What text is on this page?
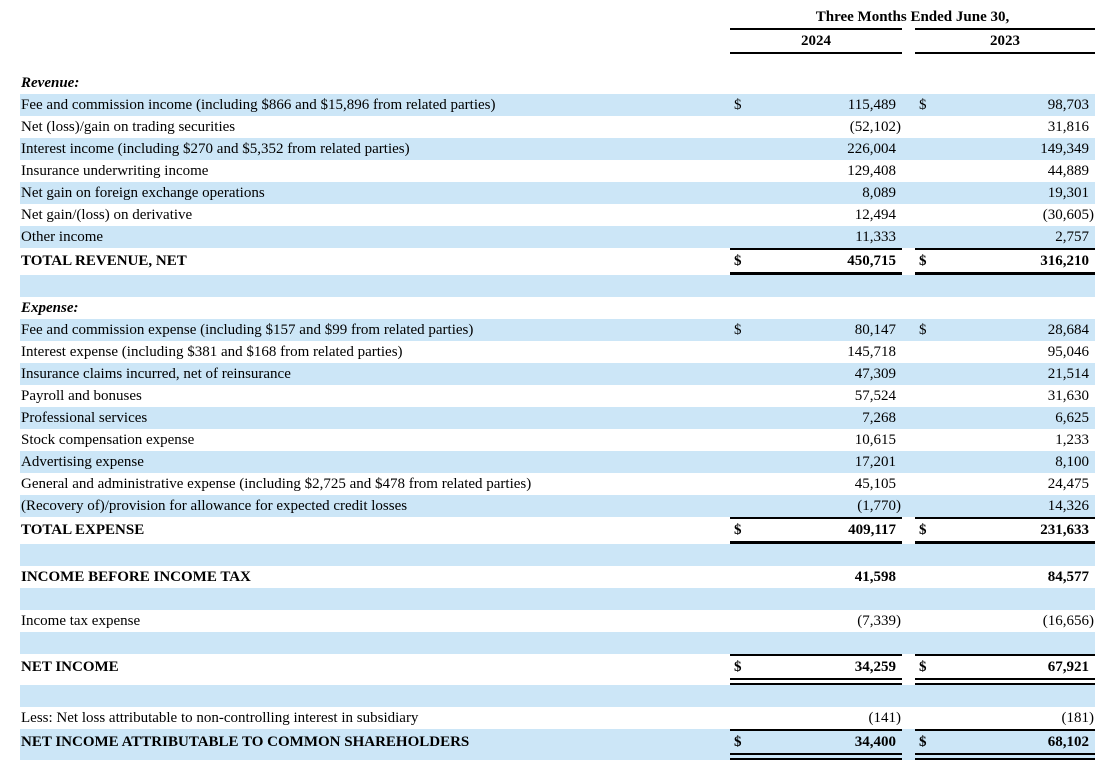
Three Months Ended June 30,
2024	2023
Revenue:
Fee and commission income (including $866 and $15,896 from related parties)	$	115,489	$	98,703
Net (loss)/gain on trading securities	(52,102)	31,816
Interest income (including $270 and $5,352 from related parties)	226,004	149,349
Insurance underwriting income	129,408	44,889
Net gain on foreign exchange operations	8,089	19,301
Net gain/(loss) on derivative	12,494	(30,605)
Other income	11,333	2,757
TOTAL REVENUE, NET	$	450,715	$	316,210
Expense:
Fee and commission expense (including $157 and $99 from related parties)	$	80,147	$	28,684
Interest expense (including $381 and $168 from related parties)	145,718	95,046
Insurance claims incurred, net of reinsurance	47,309	21,514
Payroll and bonuses	57,524	31,630
Professional services	7,268	6,625
Stock compensation expense	10,615	1,233
Advertising expense	17,201	8,100
General and administrative expense (including $2,725 and $478 from related parties)	45,105	24,475
(Recovery of)/provision for allowance for expected credit losses	(1,770)	14,326
TOTAL EXPENSE	$	409,117	$	231,633
INCOME BEFORE INCOME TAX	41,598	84,577
Income tax expense	(7,339)	(16,656)
NET INCOME	$	34,259	$	67,921
Less: Net loss attributable to non-controlling interest in subsidiary	(141)	(181)
NET INCOME ATTRIBUTABLE TO COMMON SHAREHOLDERS	$	34,400	$	68,102
